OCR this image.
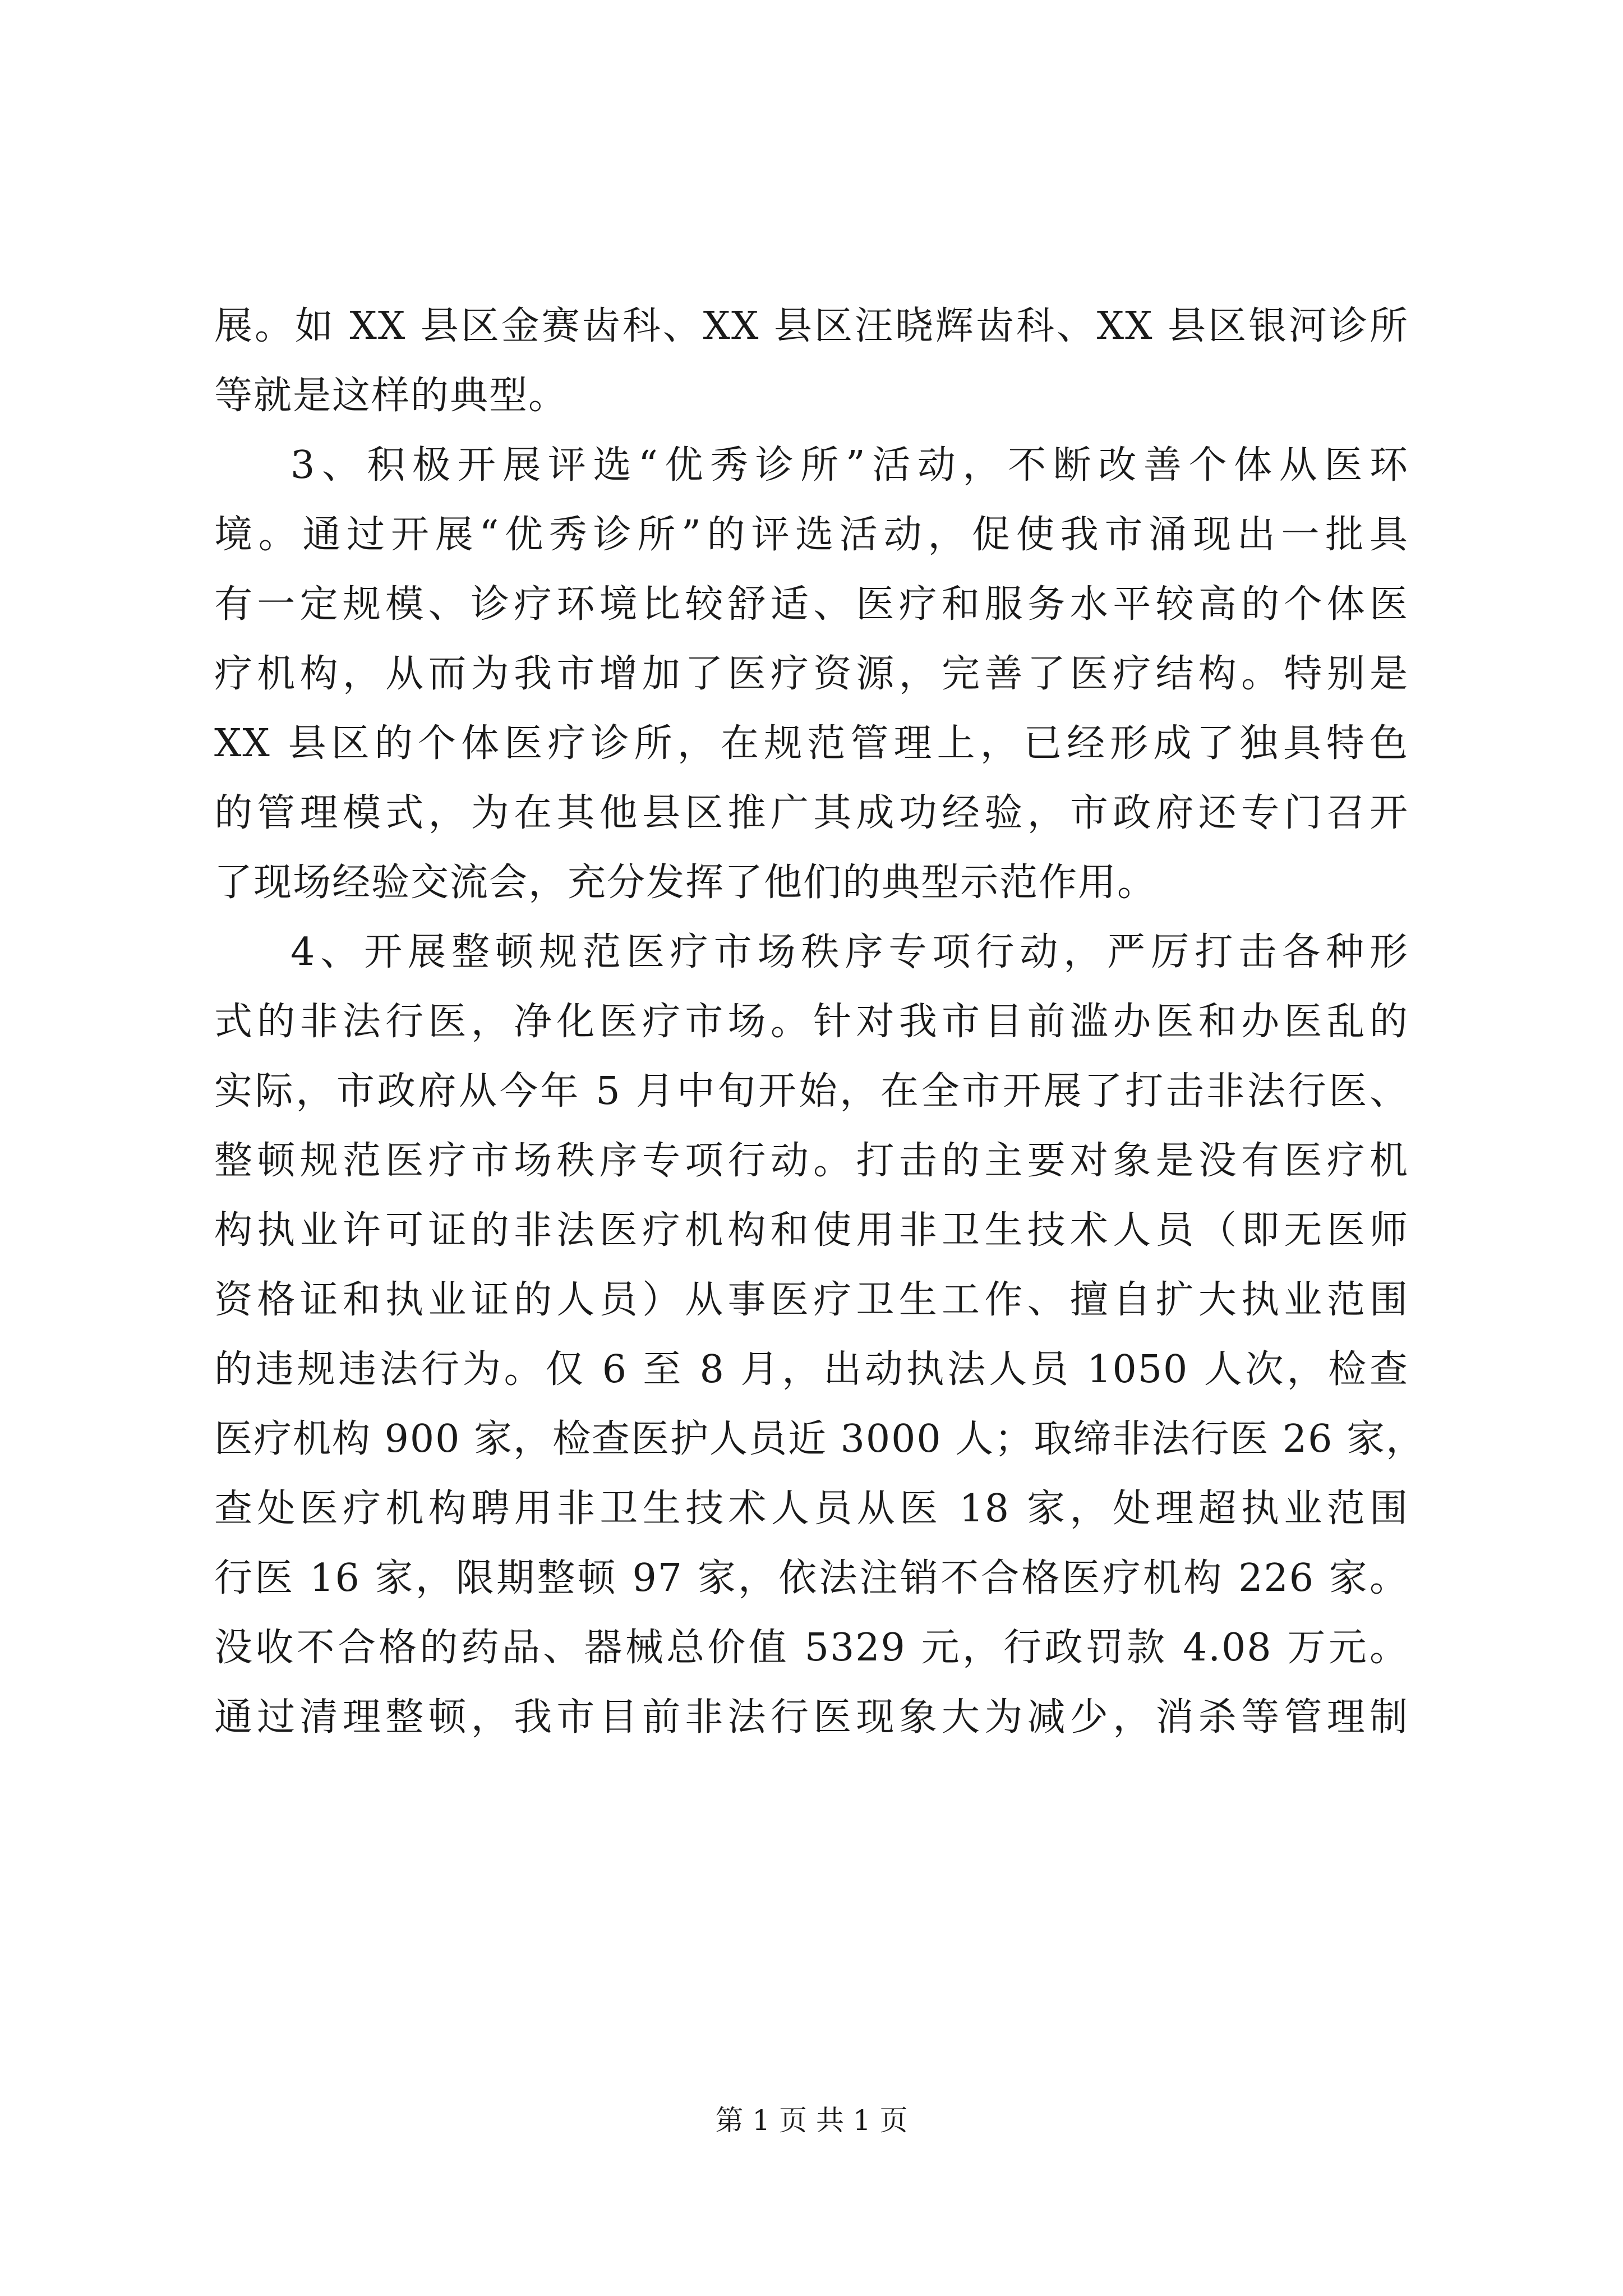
展。如 XX 县区金赛齿科、XX 县区汪晓辉齿科、XX 县区银河诊所
等就是这样的典型。
3、积极开展评选“优秀诊所”活动，不断改善个体从医环
境。通过开展“优秀诊所”的评选活动，促使我市涌现出一批具
有一定规模、诊疗环境比较舒适、医疗和服务水平较高的个体医
疗机构，从而为我市增加了医疗资源，完善了医疗结构。特别是
XX 县区的个体医疗诊所，在规范管理上，已经形成了独具特色
的管理模式，为在其他县区推广其成功经验，市政府还专门召开
了现场经验交流会，充分发挥了他们的典型示范作用。
4、开展整顿规范医疗市场秩序专项行动，严厉打击各种形
式的非法行医，净化医疗市场。针对我市目前滥办医和办医乱的
实际，市政府从今年 5 月中旬开始，在全市开展了打击非法行医、
整顿规范医疗市场秩序专项行动。打击的主要对象是没有医疗机
构执业许可证的非法医疗机构和使用非卫生技术人员（即无医师
资格证和执业证的人员）从事医疗卫生工作、擅自扩大执业范围
的违规违法行为。仅 6 至 8 月，出动执法人员 1050 人次，检查
医疗机构 900 家，检查医护人员近 3000 人；取缔非法行医 26 家，
查处医疗机构聘用非卫生技术人员从医 18 家，处理超执业范围
行医 16 家，限期整顿 97 家，依法注销不合格医疗机构 226 家。
没收不合格的药品、器械总价值 5329 元，行政罚款 4.08 万元。
通过清理整顿，我市目前非法行医现象大为减少，消杀等管理制
第 1 页 共 1 页
